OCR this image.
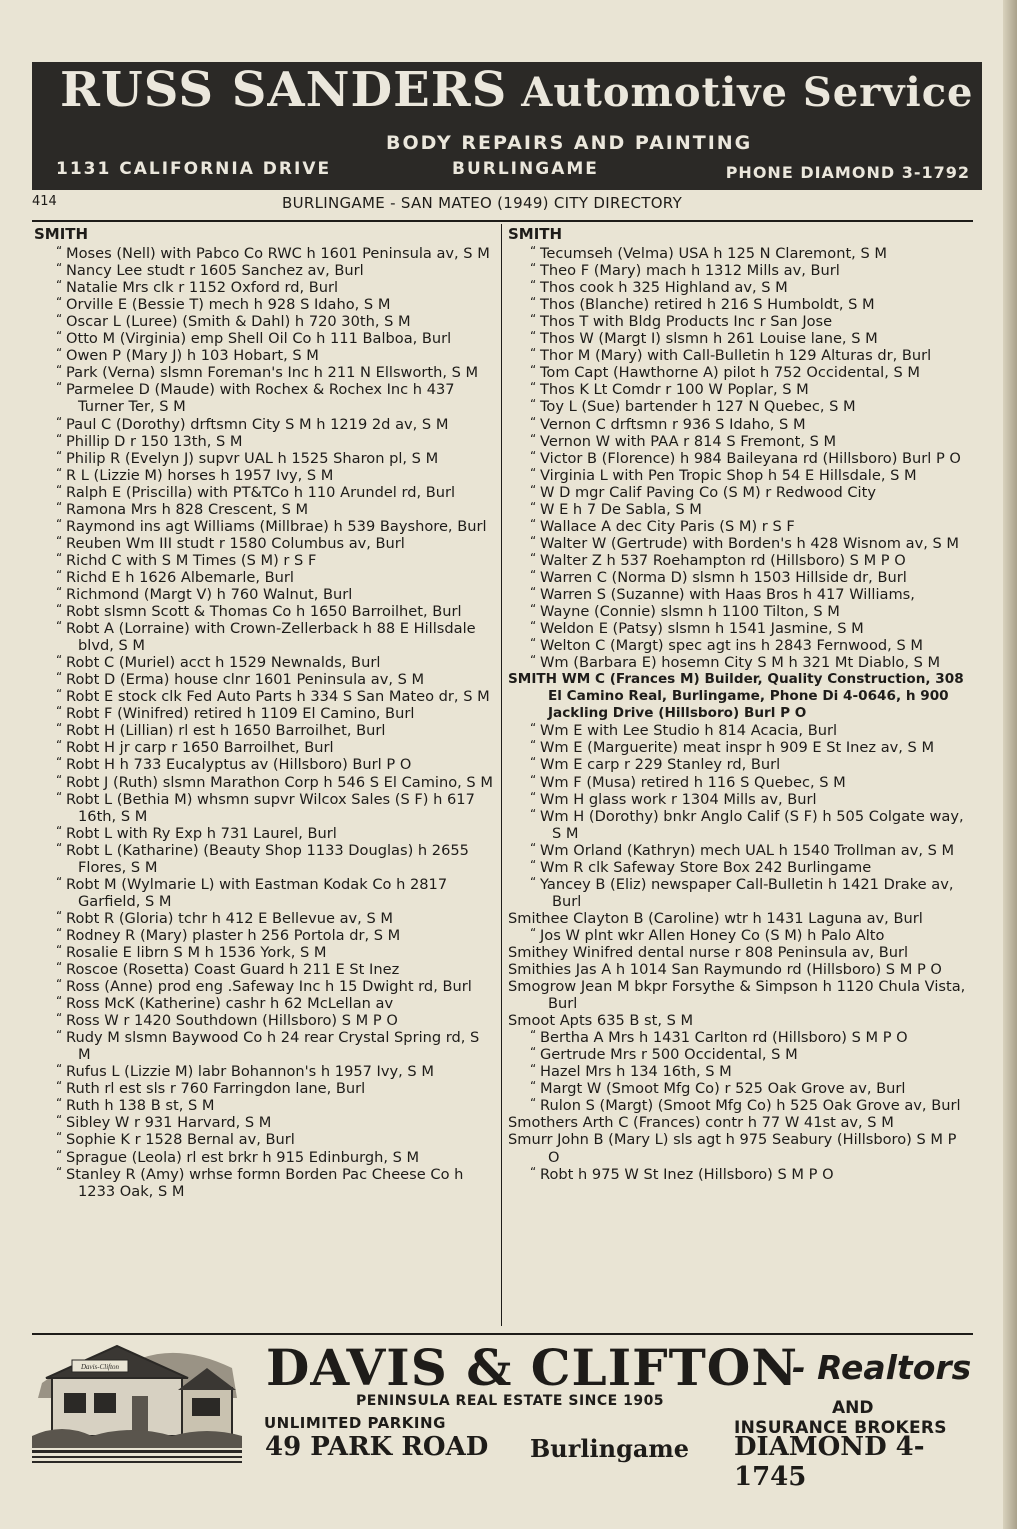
RUSS SANDERS Automotive Service
BODY REPAIRS AND PAINTING
1131 CALIFORNIA DRIVE	BURLINGAME	PHONE DIAMOND 3-1792
414	BURLINGAME - SAN MATEO (1949) CITY DIRECTORY
SMITH
“ Moses (Nell) with Pabco Co RWC h 1601 Peninsula av, S M
“ Nancy Lee studt r 1605 Sanchez av, Burl
“ Natalie Mrs clk r 1152 Oxford rd, Burl
“ Orville E (Bessie T) mech h 928 S Idaho, S M
“ Oscar L (Luree) (Smith & Dahl) h 720 30th, S M
“ Otto M (Virginia) emp Shell Oil Co h 111 Balboa, Burl
“ Owen P (Mary J) h 103 Hobart, S M
“ Park (Verna) slsmn Foreman's Inc h 211 N Ellsworth, S M
“ Parmelee D (Maude) with Rochex & Rochex Inc h 437 Turner Ter, S M
“ Paul C (Dorothy) drftsmn City S M h 1219 2d av, S M
“ Phillip D r 150 13th, S M
“ Philip R (Evelyn J) supvr UAL h 1525 Sharon pl, S M
“ R L (Lizzie M) horses h 1957 Ivy, S M
“ Ralph E (Priscilla) with PT&TCo h 110 Arundel rd, Burl
“ Ramona Mrs h 828 Crescent, S M
“ Raymond ins agt Williams (Millbrae) h 539 Bayshore, Burl
“ Reuben Wm III studt r 1580 Columbus av, Burl
“ Richd C with S M Times (S M) r S F
“ Richd E h 1626 Albemarle, Burl
“ Richmond (Margt V) h 760 Walnut, Burl
“ Robt slsmn Scott & Thomas Co h 1650 Barroilhet, Burl
“ Robt A (Lorraine) with Crown-Zellerback h 88 E Hillsdale blvd, S M
“ Robt C (Muriel) acct h 1529 Newnalds, Burl
“ Robt D (Erma) house clnr 1601 Peninsula av, S M
“ Robt E stock clk Fed Auto Parts h 334 S San Mateo dr, S M
“ Robt F (Winifred) retired h 1109 El Camino, Burl
“ Robt H (Lillian) rl est h 1650 Barroilhet, Burl
“ Robt H jr carp r 1650 Barroilhet, Burl
“ Robt H h 733 Eucalyptus av (Hillsboro) Burl P O
“ Robt J (Ruth) slsmn Marathon Corp h 546 S El Camino, S M
“ Robt L (Bethia M) whsmn supvr Wilcox Sales (S F) h 617 16th, S M
“ Robt L with Ry Exp h 731 Laurel, Burl
“ Robt L (Katharine) (Beauty Shop 1133 Douglas) h 2655 Flores, S M
“ Robt M (Wylmarie L) with Eastman Kodak Co h 2817 Garfield, S M
“ Robt R (Gloria) tchr h 412 E Bellevue av, S M
“ Rodney R (Mary) plaster h 256 Portola dr, S M
“ Rosalie E librn S M h 1536 York, S M
“ Roscoe (Rosetta) Coast Guard h 211 E St Inez
“ Ross (Anne) prod eng .Safeway Inc h 15 Dwight rd, Burl
“ Ross McK (Katherine) cashr h 62 McLellan av
“ Ross W r 1420 Southdown (Hillsboro) S M P O
“ Rudy M slsmn Baywood Co h 24 rear Crystal Spring rd, S M
“ Rufus L (Lizzie M) labr Bohannon's h 1957 Ivy, S M
“ Ruth rl est sls r 760 Farringdon lane, Burl
“ Ruth h 138 B st, S M
“ Sibley W r 931 Harvard, S M
“ Sophie K r 1528 Bernal av, Burl
“ Sprague (Leola) rl est brkr h 915 Edinburgh, S M
“ Stanley R (Amy) wrhse formn Borden Pac Cheese Co h 1233 Oak, S M
SMITH
“ Tecumseh (Velma) USA h 125 N Claremont, S M
“ Theo F (Mary) mach h 1312 Mills av, Burl
“ Thos cook h 325 Highland av, S M
“ Thos (Blanche) retired h 216 S Humboldt, S M
“ Thos T with Bldg Products Inc r San Jose
“ Thos W (Margt I) slsmn h 261 Louise lane, S M
“ Thor M (Mary) with Call-Bulletin h 129 Alturas dr, Burl
“ Tom Capt (Hawthorne A) pilot h 752 Occidental, S M
“ Thos K Lt Comdr r 100 W Poplar, S M
“ Toy L (Sue) bartender h 127 N Quebec, S M
“ Vernon C drftsmn r 936 S Idaho, S M
“ Vernon W with PAA r 814 S Fremont, S M
“ Victor B (Florence) h 984 Baileyana rd (Hillsboro) Burl P O
“ Virginia L with Pen Tropic Shop h 54 E Hillsdale, S M
“ W D mgr Calif Paving Co (S M) r Redwood City
“ W E h 7 De Sabla, S M
“ Wallace A dec City Paris (S M) r S F
“ Walter W (Gertrude) with Borden's h 428 Wisnom av, S M
“ Walter Z h 537 Roehampton rd (Hillsboro) S M P O
“ Warren C (Norma D) slsmn h 1503 Hillside dr, Burl
“ Warren S (Suzanne) with Haas Bros h 417 Williams,
“ Wayne (Connie) slsmn h 1100 Tilton, S M
“ Weldon E (Patsy) slsmn h 1541 Jasmine, S M
“ Welton C (Margt) spec agt ins h 2843 Fernwood, S M
“ Wm (Barbara E) hosemn City S M h 321 Mt Diablo, S M
SMITH WM C (Frances M) Builder, Quality Construction, 308 El Camino Real, Burlingame, Phone Di 4-0646, h 900 Jackling Drive (Hillsboro) Burl P O
“ Wm E with Lee Studio h 814 Acacia, Burl
“ Wm E (Marguerite) meat inspr h 909 E St Inez av, S M
“ Wm E carp r 229 Stanley rd, Burl
“ Wm F (Musa) retired h 116 S Quebec, S M
“ Wm H glass work r 1304 Mills av, Burl
“ Wm H (Dorothy) bnkr Anglo Calif (S F) h 505 Colgate way, S M
“ Wm Orland (Kathryn) mech UAL h 1540 Trollman av, S M
“ Wm R clk Safeway Store Box 242 Burlingame
“ Yancey B (Eliz) newspaper Call-Bulletin h 1421 Drake av, Burl
Smithee Clayton B (Caroline) wtr h 1431 Laguna av, Burl
“ Jos W plnt wkr Allen Honey Co (S M) h Palo Alto
Smithey Winifred dental nurse r 808 Peninsula av, Burl
Smithies Jas A h 1014 San Raymundo rd (Hillsboro) S M P O
Smogrow Jean M bkpr Forsythe & Simpson h 1120 Chula Vista, Burl
Smoot Apts 635 B st, S M
“ Bertha A Mrs h 1431 Carlton rd (Hillsboro) S M P O
“ Gertrude Mrs r 500 Occidental, S M
“ Hazel Mrs h 134 16th, S M
“ Margt W (Smoot Mfg Co) r 525 Oak Grove av, Burl
“ Rulon S (Margt) (Smoot Mfg Co) h 525 Oak Grove av, Burl
Smothers Arth C (Frances) contr h 77 W 41st av, S M
Smurr John B (Mary L) sls agt h 975 Seabury (Hillsboro) S M P O
“ Robt h 975 W St Inez (Hillsboro) S M P O
Davis-Clifton	DAVIS & CLIFTON
- Realtors
PENINSULA REAL ESTATE SINCE 1905	AND
UNLIMITED PARKING	INSURANCE BROKERS
49 PARK ROAD Burlingame DIAMOND 4-1745
